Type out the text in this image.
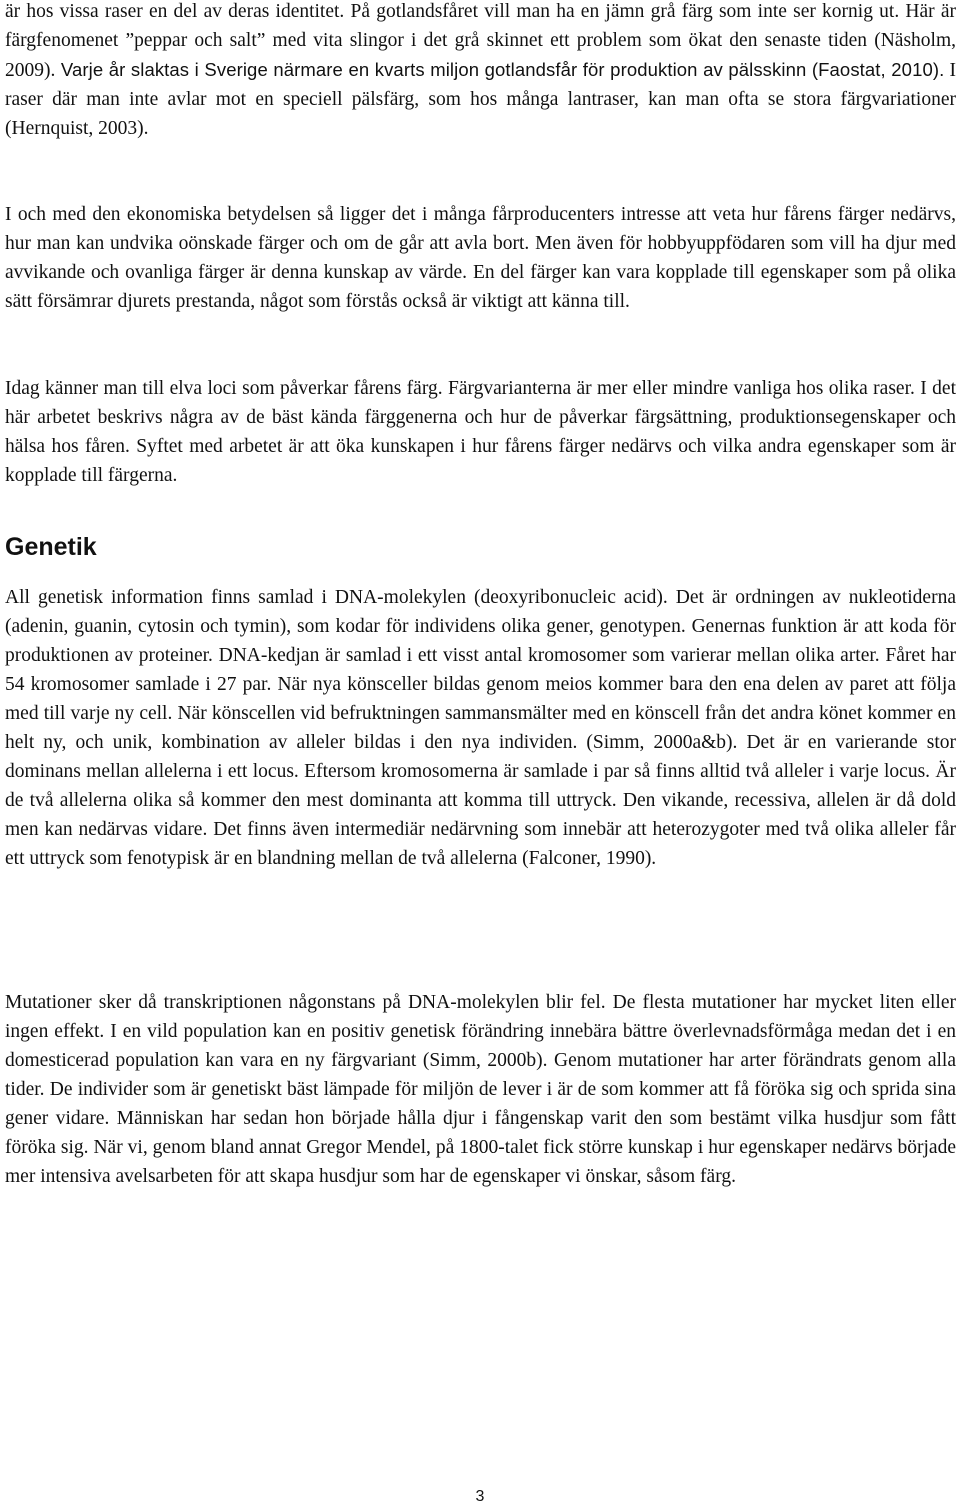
är hos vissa raser en del av deras identitet. På gotlandsfåret vill man ha en jämn grå färg som inte ser kornig ut. Här är färgfenomenet ”peppar och salt” med vita slingor i det grå skinnet ett problem som ökat den senaste tiden (Näsholm, 2009). Varje år slaktas i Sverige närmare en kvarts miljon gotlandsfår för produktion av pälsskinn (Faostat, 2010). I raser där man inte avlar mot en speciell pälsfärg, som hos många lantraser, kan man ofta se stora färgvariationer (Hernquist, 2003).

I och med den ekonomiska betydelsen så ligger det i många fårproducenters intresse att veta hur fårens färger nedärvs, hur man kan undvika oönskade färger och om de går att avla bort. Men även för hobbyuppfödaren som vill ha djur med avvikande och ovanliga färger är denna kunskap av värde. En del färger kan vara kopplade till egenskaper som på olika sätt försämrar djurets prestanda, något som förstås också är viktigt att känna till.

Idag känner man till elva loci som påverkar fårens färg. Färgvarianterna är mer eller mindre vanliga hos olika raser. I det här arbetet beskrivs några av de bäst kända färggenerna och hur de påverkar färgsättning, produktionsegenskaper och hälsa hos fåren. Syftet med arbetet är att öka kunskapen i hur fårens färger nedärvs och vilka andra egenskaper som är kopplade till färgerna.

Genetik

All genetisk information finns samlad i DNA-molekylen (deoxyribonucleic acid). Det är ordningen av nukleotiderna (adenin, guanin, cytosin och tymin), som kodar för individens olika gener, genotypen. Genernas funktion är att koda för produktionen av proteiner. DNA-kedjan är samlad i ett visst antal kromosomer som varierar mellan olika arter. Fåret har 54 kromosomer samlade i 27 par. När nya könsceller bildas genom meios kommer bara den ena delen av paret att följa med till varje ny cell. När könscellen vid befruktningen sammansmälter med en könscell från det andra könet kommer en helt ny, och unik, kombination av alleler bildas i den nya individen. (Simm, 2000a&b). Det är en varierande stor dominans mellan allelerna i ett locus. Eftersom kromosomerna är samlade i par så finns alltid två alleler i varje locus. Är de två allelerna olika så kommer den mest dominanta att komma till uttryck. Den vikande, recessiva, allelen är då dold men kan nedärvas vidare. Det finns även intermediär nedärvning som innebär att heterozygoter med två olika alleler får ett uttryck som fenotypisk är en blandning mellan de två allelerna (Falconer, 1990).

Mutationer sker då transkriptionen någonstans på DNA-molekylen blir fel. De flesta mutationer har mycket liten eller ingen effekt. I en vild population kan en positiv genetisk förändring innebära bättre överlevnadsförmåga medan det i en domesticerad population kan vara en ny färgvariant (Simm, 2000b). Genom mutationer har arter förändrats genom alla tider. De individer som är genetiskt bäst lämpade för miljön de lever i är de som kommer att få föröka sig och sprida sina gener vidare. Människan har sedan hon började hålla djur i fångenskap varit den som bestämt vilka husdjur som fått föröka sig. När vi, genom bland annat Gregor Mendel, på 1800-talet fick större kunskap i hur egenskaper nedärvs började mer intensiva avelsarbeten för att skapa husdjur som har de egenskaper vi önskar, såsom färg.

3
